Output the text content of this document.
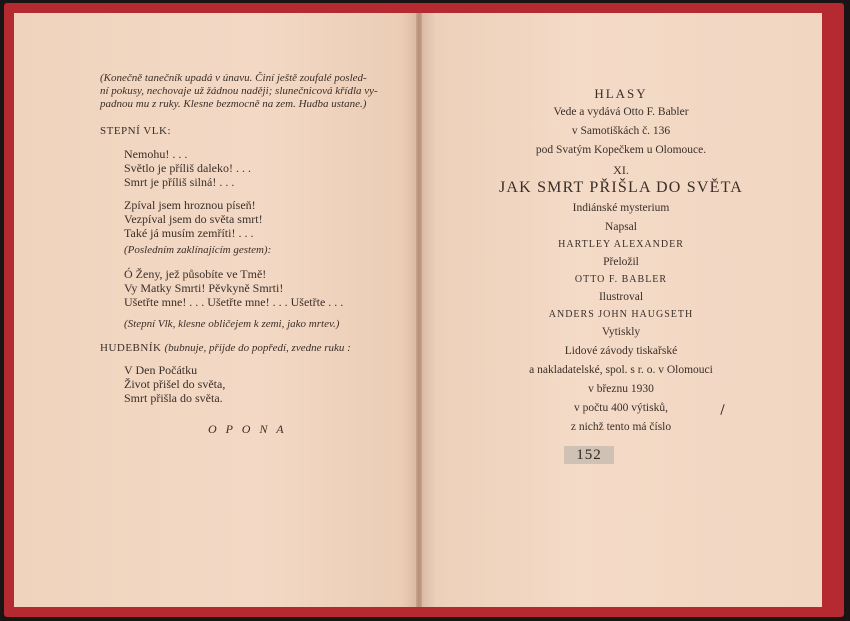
(Konečně tanečník upadá v únavu. Činí ještě zoufalé posled-
ní pokusy, nechovaje už žádnou naději; slunečnicová křídla vy-
padnou mu z ruky. Klesne bezmocně na zem. Hudba ustane.)
STEPNÍ VLK:
Nemohu! . . .
Světlo je příliš daleko! . . .
Smrt je příliš silná! . . .
Zpíval jsem hroznou píseň!
Vezpíval jsem do světa smrt!
Také já musím zemříti! . . .
(Posledním zaklínajícím gestem):
Ó Ženy, jež působíte ve Tmě!
Vy Matky Smrti! Pěvkyně Smrti!
Ušetřte mne! . . . Ušetřte mne! . . . Ušetřte . . .
(Stepní Vlk, klesne obličejem k zemi, jako mrtev.)
HUDEBNÍK (bubnuje, přijde do popředí, zvedne ruku :
V Den Počátku
Život přišel do světa,
Smrt přišla do světa.
O P O N A
HLASY
Vede a vydává Otto F. Babler
v Samotiškách č. 136
pod Svatým Kopečkem u Olomouce.
XI.
JAK SMRT PŘIŠLA DO SVĚTA
Indiánské mysterium
Napsal
HARTLEY ALEXANDER
Přeložil
OTTO F. BABLER
Ilustroval
ANDERS JOHN HAUGSETH
Vytiskly
Lidové závody tiskařské
a nakladatelské, spol. s r. o. v Olomouci
v březnu 1930
v počtu 400 výtisků,
z nichž tento má číslo
152
